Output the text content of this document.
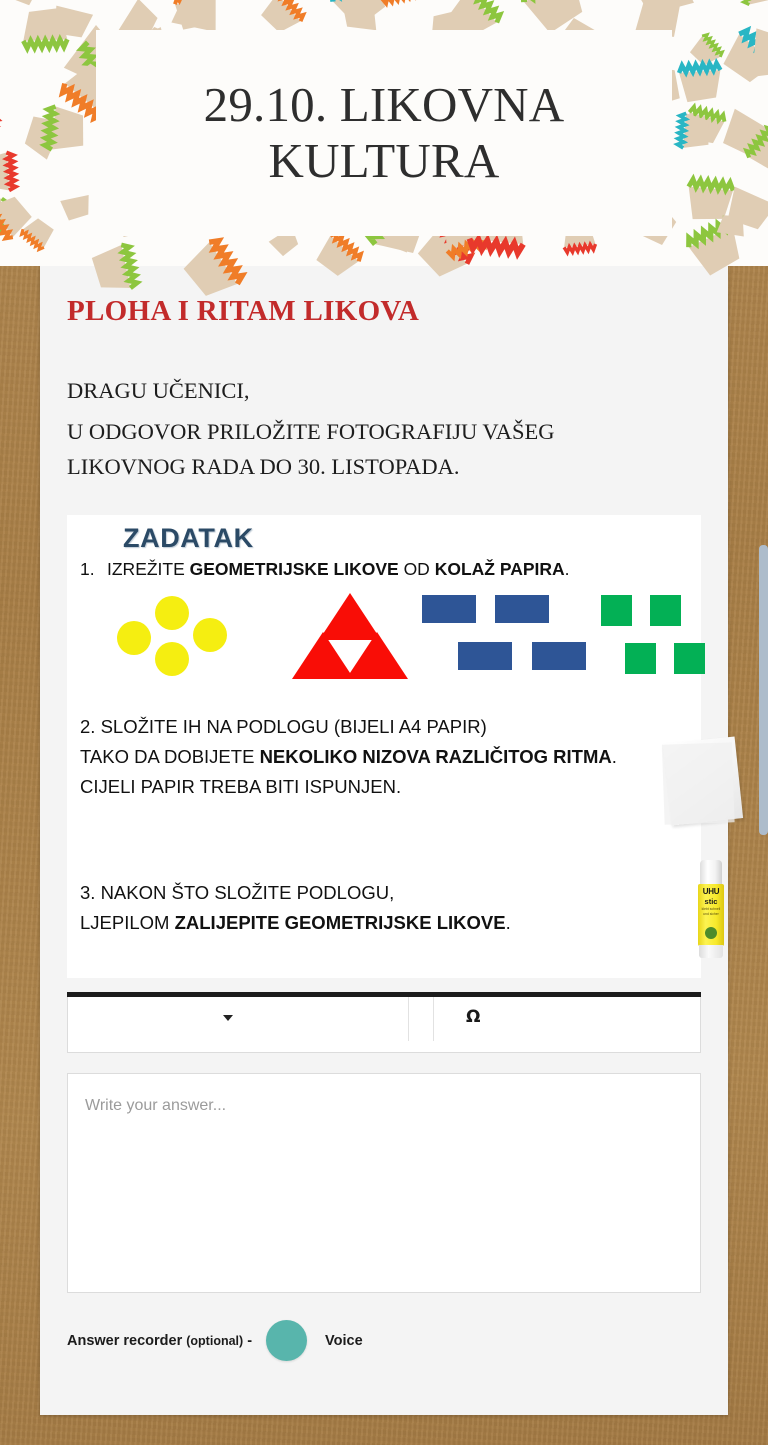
PLOHA I RITAM LIKOVA
DRAGU UČENICI,
U ODGOVOR PRILOŽITE FOTOGRAFIJU VAŠEG LIKOVNOG RADA DO 30. LISTOPADA.
ZADATAK
1. IZREŽITE GEOMETRIJSKE LIKOVE OD KOLAŽ PAPIRA.
2. SLOŽITE IH NA PODLOGU (BIJELI A4 PAPIR)
TAKO DA DOBIJETE NEKOLIKO NIZOVA RAZLIČITOG RITMA.
CIJELI PAPIR TREBA BITI ISPUNJEN.
3. NAKON ŠTO SLOŽITE PODLOGU,
LJEPILOM ZALIJEPITE GEOMETRIJSKE LIKOVE.
UHU
stic
klebt schnell und sicher
Ω
Write your answer...
Answer recorder (optional) -	Voice
29.10. LIKOVNA KULTURA
